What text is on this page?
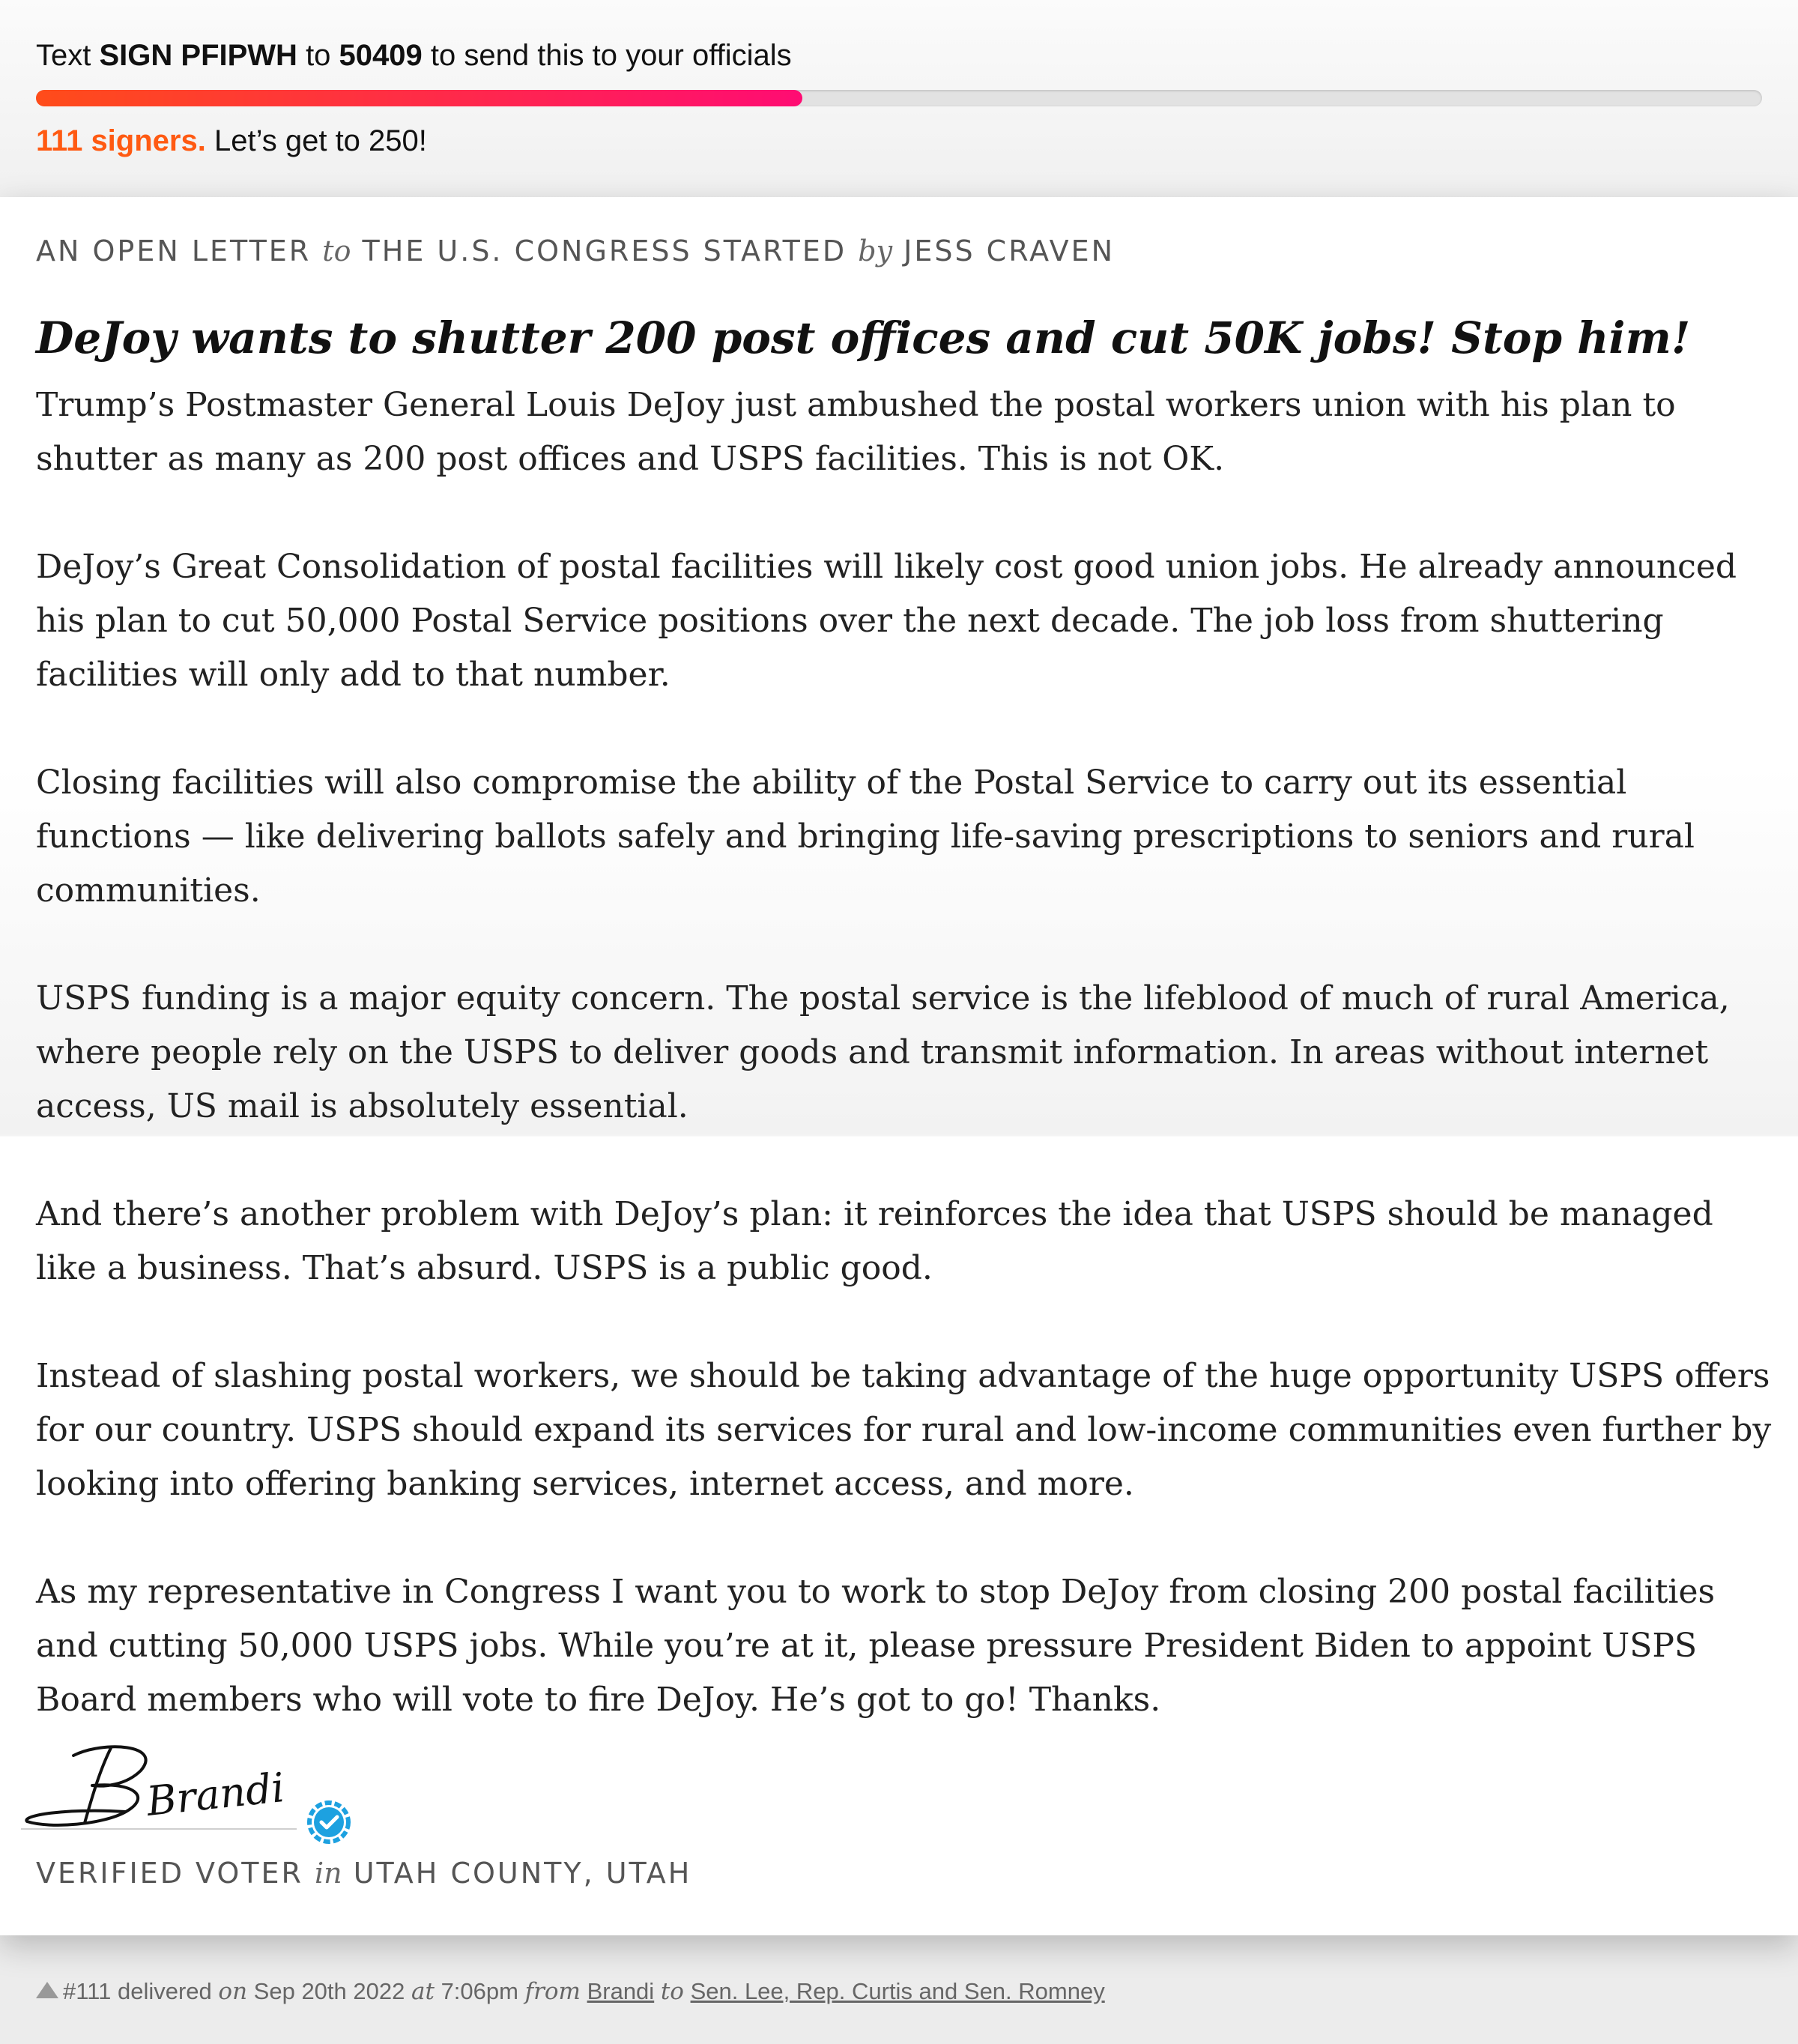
Text SIGN PFIPWH to 50409 to send this to your officials
111 signers. Let’s get to 250!
AN OPEN LETTER to THE U.S. CONGRESS STARTED by JESS CRAVEN
DeJoy wants to shutter 200 post offices and cut 50K jobs! Stop him!

Trump’s Postmaster General Louis DeJoy just ambushed the postal workers union with his plan to shutter as many as 200 post offices and USPS facilities. This is not OK.

DeJoy’s Great Consolidation of postal facilities will likely cost good union jobs. He already announced his plan to cut 50,000 Postal Service positions over the next decade. The job loss from shuttering facilities will only add to that number.

Closing facilities will also compromise the ability of the Postal Service to carry out its essential functions — like delivering ballots safely and bringing life-saving prescriptions to seniors and rural communities.

USPS funding is a major equity concern. The postal service is the lifeblood of much of rural America, where people rely on the USPS to deliver goods and transmit information. In areas without internet access, US mail is absolutely essential.

And there’s another problem with DeJoy’s plan: it reinforces the idea that USPS should be managed like a business. That’s absurd. USPS is a public good.

Instead of slashing postal workers, we should be taking advantage of the huge opportunity USPS offers for our country. USPS should expand its services for rural and low-income communities even further by looking into offering banking services, internet access, and more.

As my representative in Congress I want you to work to stop DeJoy from closing 200 postal facilities and cutting 50,000 USPS jobs. While you’re at it, please pressure President Biden to appoint USPS Board members who will vote to fire DeJoy. He’s got to go! Thanks.

Brandi
VERIFIED VOTER in UTAH COUNTY, UTAH
#111 delivered on Sep 20th 2022 at 7:06pm from Brandi to Sen. Lee, Rep. Curtis and Sen. Romney
